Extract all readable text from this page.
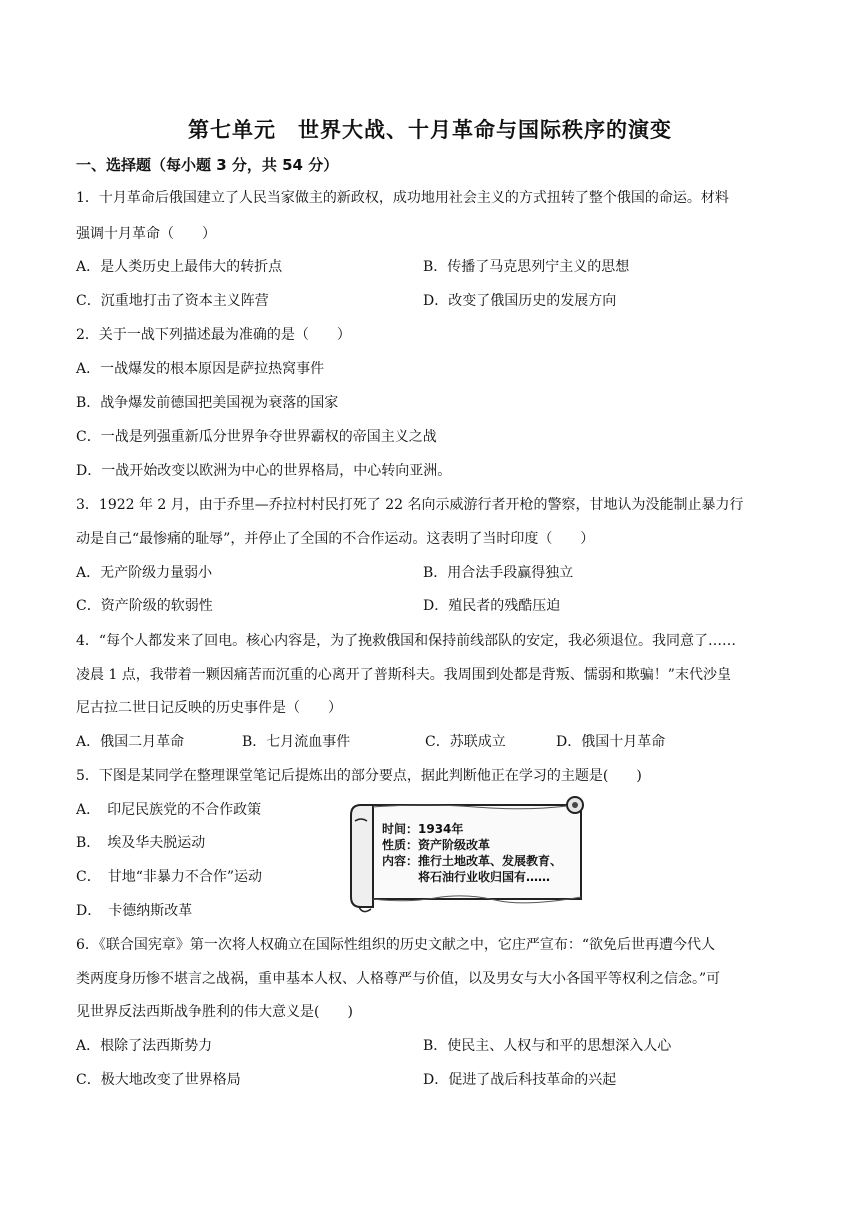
第七单元 世界大战、十月革命与国际秩序的演变
一、选择题（每小题 3 分，共 54 分）
1．十月革命后俄国建立了人民当家做主的新政权，成功地用社会主义的方式扭转了整个俄国的命运。材料
强调十月革命（　　）
A．是人类历史上最伟大的转折点	B．传播了马克思列宁主义的思想
C．沉重地打击了资本主义阵营	D．改变了俄国历史的发展方向
2．关于一战下列描述最为准确的是（　　）
A．一战爆发的根本原因是萨拉热窝事件
B．战争爆发前德国把美国视为衰落的国家
C．一战是列强重新瓜分世界争夺世界霸权的帝国主义之战
D．一战开始改变以欧洲为中心的世界格局，中心转向亚洲。
3．1922 年 2 月，由于乔里—乔拉村村民打死了 22 名向示威游行者开枪的警察，甘地认为没能制止暴力行
动是自己“最惨痛的耻辱”，并停止了全国的不合作运动。这表明了当时印度（　　）
A．无产阶级力量弱小	B．用合法手段赢得独立
C．资产阶级的软弱性	D．殖民者的残酷压迫
4．“每个人都发来了回电。核心内容是，为了挽救俄国和保持前线部队的安定，我必须退位。我同意了……
凌晨 1 点，我带着一颗因痛苦而沉重的心离开了普斯科夫。我周围到处都是背叛、懦弱和欺骗！”末代沙皇
尼古拉二世日记反映的历史事件是（　　）
A．俄国二月革命	B．七月流血事件	C．苏联成立	D．俄国十月革命
5．下图是某同学在整理课堂笔记后提炼出的部分要点，据此判断他正在学习的主题是(　　)
A．　印尼民族党的不合作政策
B．　埃及华夫脱运动
C．　甘地“非暴力不合作”运动
D．　卡德纳斯改革
时间：1934年
性质：资产阶级改革
内容：推行土地改革、发展教育、
将石油行业收归国有……
6．《联合国宪章》第一次将人权确立在国际性组织的历史文献之中，它庄严宣布：“欲免后世再遭今代人
类两度身历惨不堪言之战祸，重申基本人权、人格尊严与价值，以及男女与大小各国平等权利之信念。”可
见世界反法西斯战争胜利的伟大意义是(　　)
A．根除了法西斯势力	B．使民主、人权与和平的思想深入人心
C．极大地改变了世界格局	D．促进了战后科技革命的兴起
